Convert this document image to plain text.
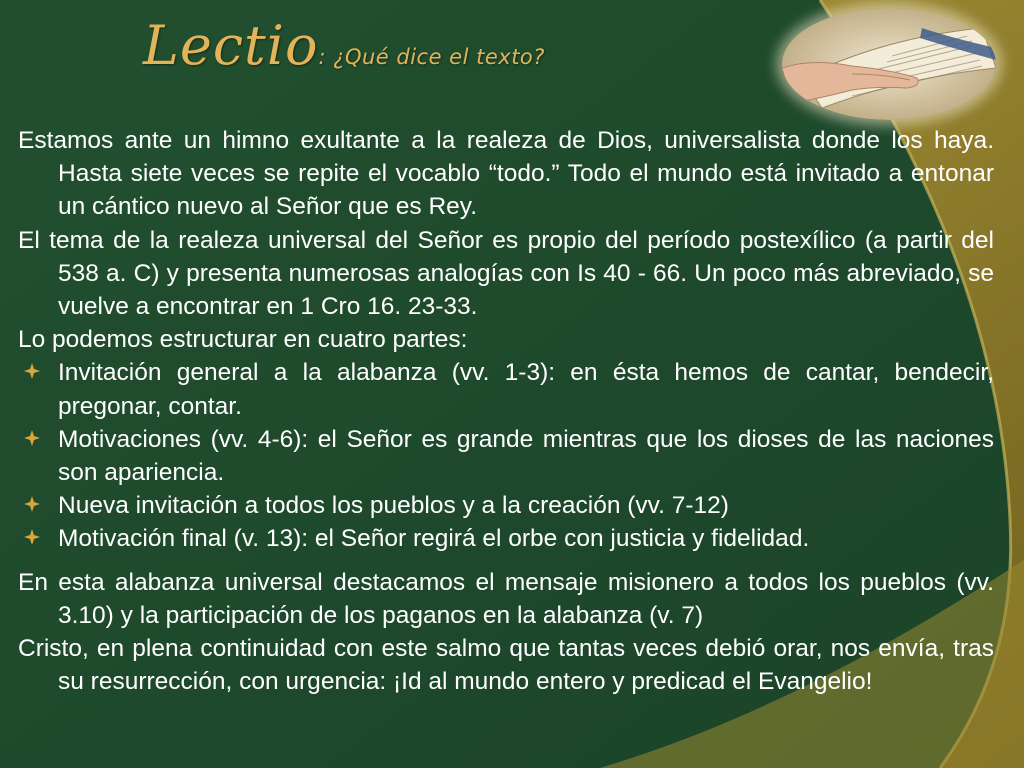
Lectio: ¿Qué dice el texto?

Estamos ante un himno exultante a la realeza de Dios, universalista donde los haya. Hasta siete veces se repite el vocablo “todo.” Todo el mundo está invitado a entonar un cántico nuevo al Señor que es Rey.

El tema de la realeza universal del Señor es propio del período postexílico (a partir del 538 a. C) y presenta numerosas analogías con Is 40 - 66. Un poco más abreviado, se vuelve a encontrar en 1 Cro 16. 23-33.

Lo podemos estructurar en cuatro partes:

Invitación general a la alabanza (vv. 1-3): en ésta hemos de cantar, bendecir, pregonar, contar.
Motivaciones (vv. 4-6): el Señor es grande mientras que los dioses de las naciones son apariencia.
Nueva invitación a todos los pueblos y a la creación (vv. 7-12)
Motivación final (v. 13): el Señor regirá el orbe con justicia y fidelidad.

En esta alabanza universal destacamos el mensaje misionero a todos los pueblos (vv. 3.10) y la participación de los paganos en la alabanza (v. 7)

Cristo, en plena continuidad con este salmo que tantas veces debió orar, nos envía, tras su resurrección, con urgencia: ¡Id al mundo entero y predicad el Evangelio!
